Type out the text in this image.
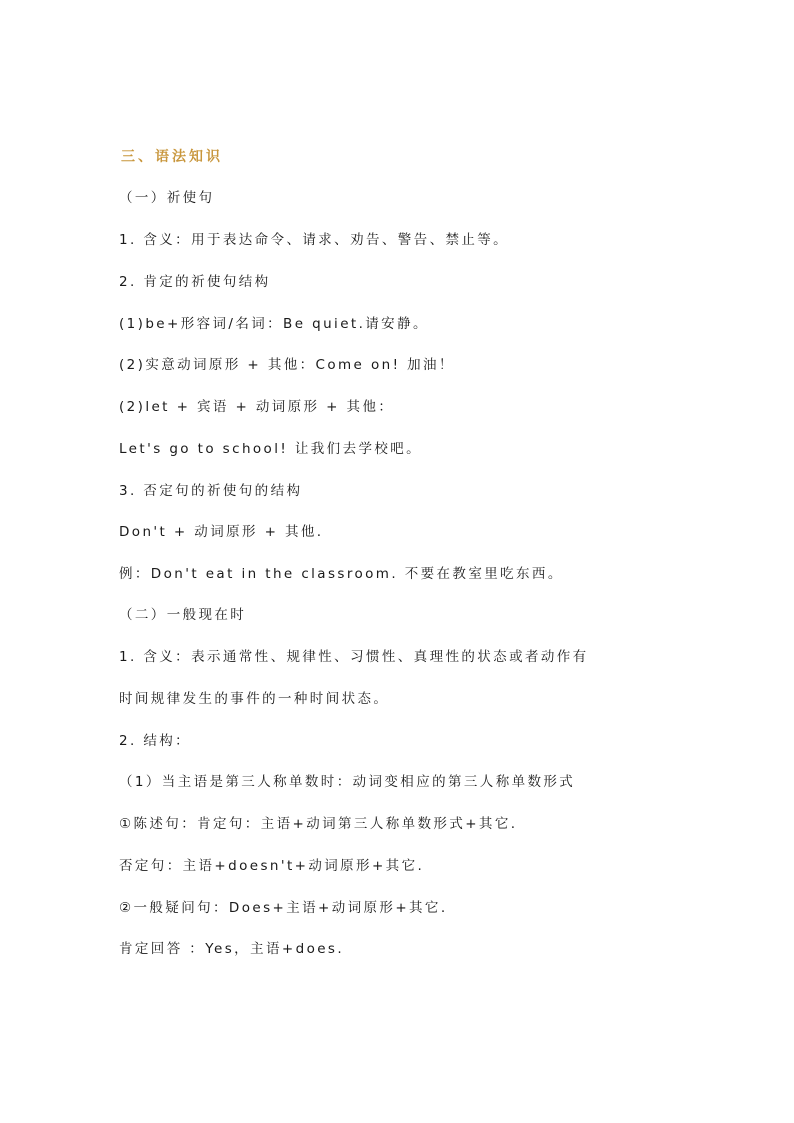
三、语法知识
（一）祈使句
1. 含义：用于表达命令、请求、劝告、警告、禁止等。
2. 肯定的祈使句结构
(1)be+形容词/名词：Be quiet.请安静。
(2)实意动词原形 + 其他：Come on! 加油！
(2)let + 宾语 + 动词原形 + 其他：
Let's go to school! 让我们去学校吧。
3. 否定句的祈使句的结构
Don't + 动词原形 + 其他.
例：Don't eat in the classroom. 不要在教室里吃东西。
（二）一般现在时
1. 含义：表示通常性、规律性、习惯性、真理性的状态或者动作有
时间规律发生的事件的一种时间状态。
2. 结构：
（1）当主语是第三人称单数时：动词变相应的第三人称单数形式
①陈述句：肯定句：主语+动词第三人称单数形式+其它.
否定句：主语+doesn't+动词原形+其它.
②一般疑问句：Does+主语+动词原形+其它.
肯定回答 ：Yes，主语+does.
